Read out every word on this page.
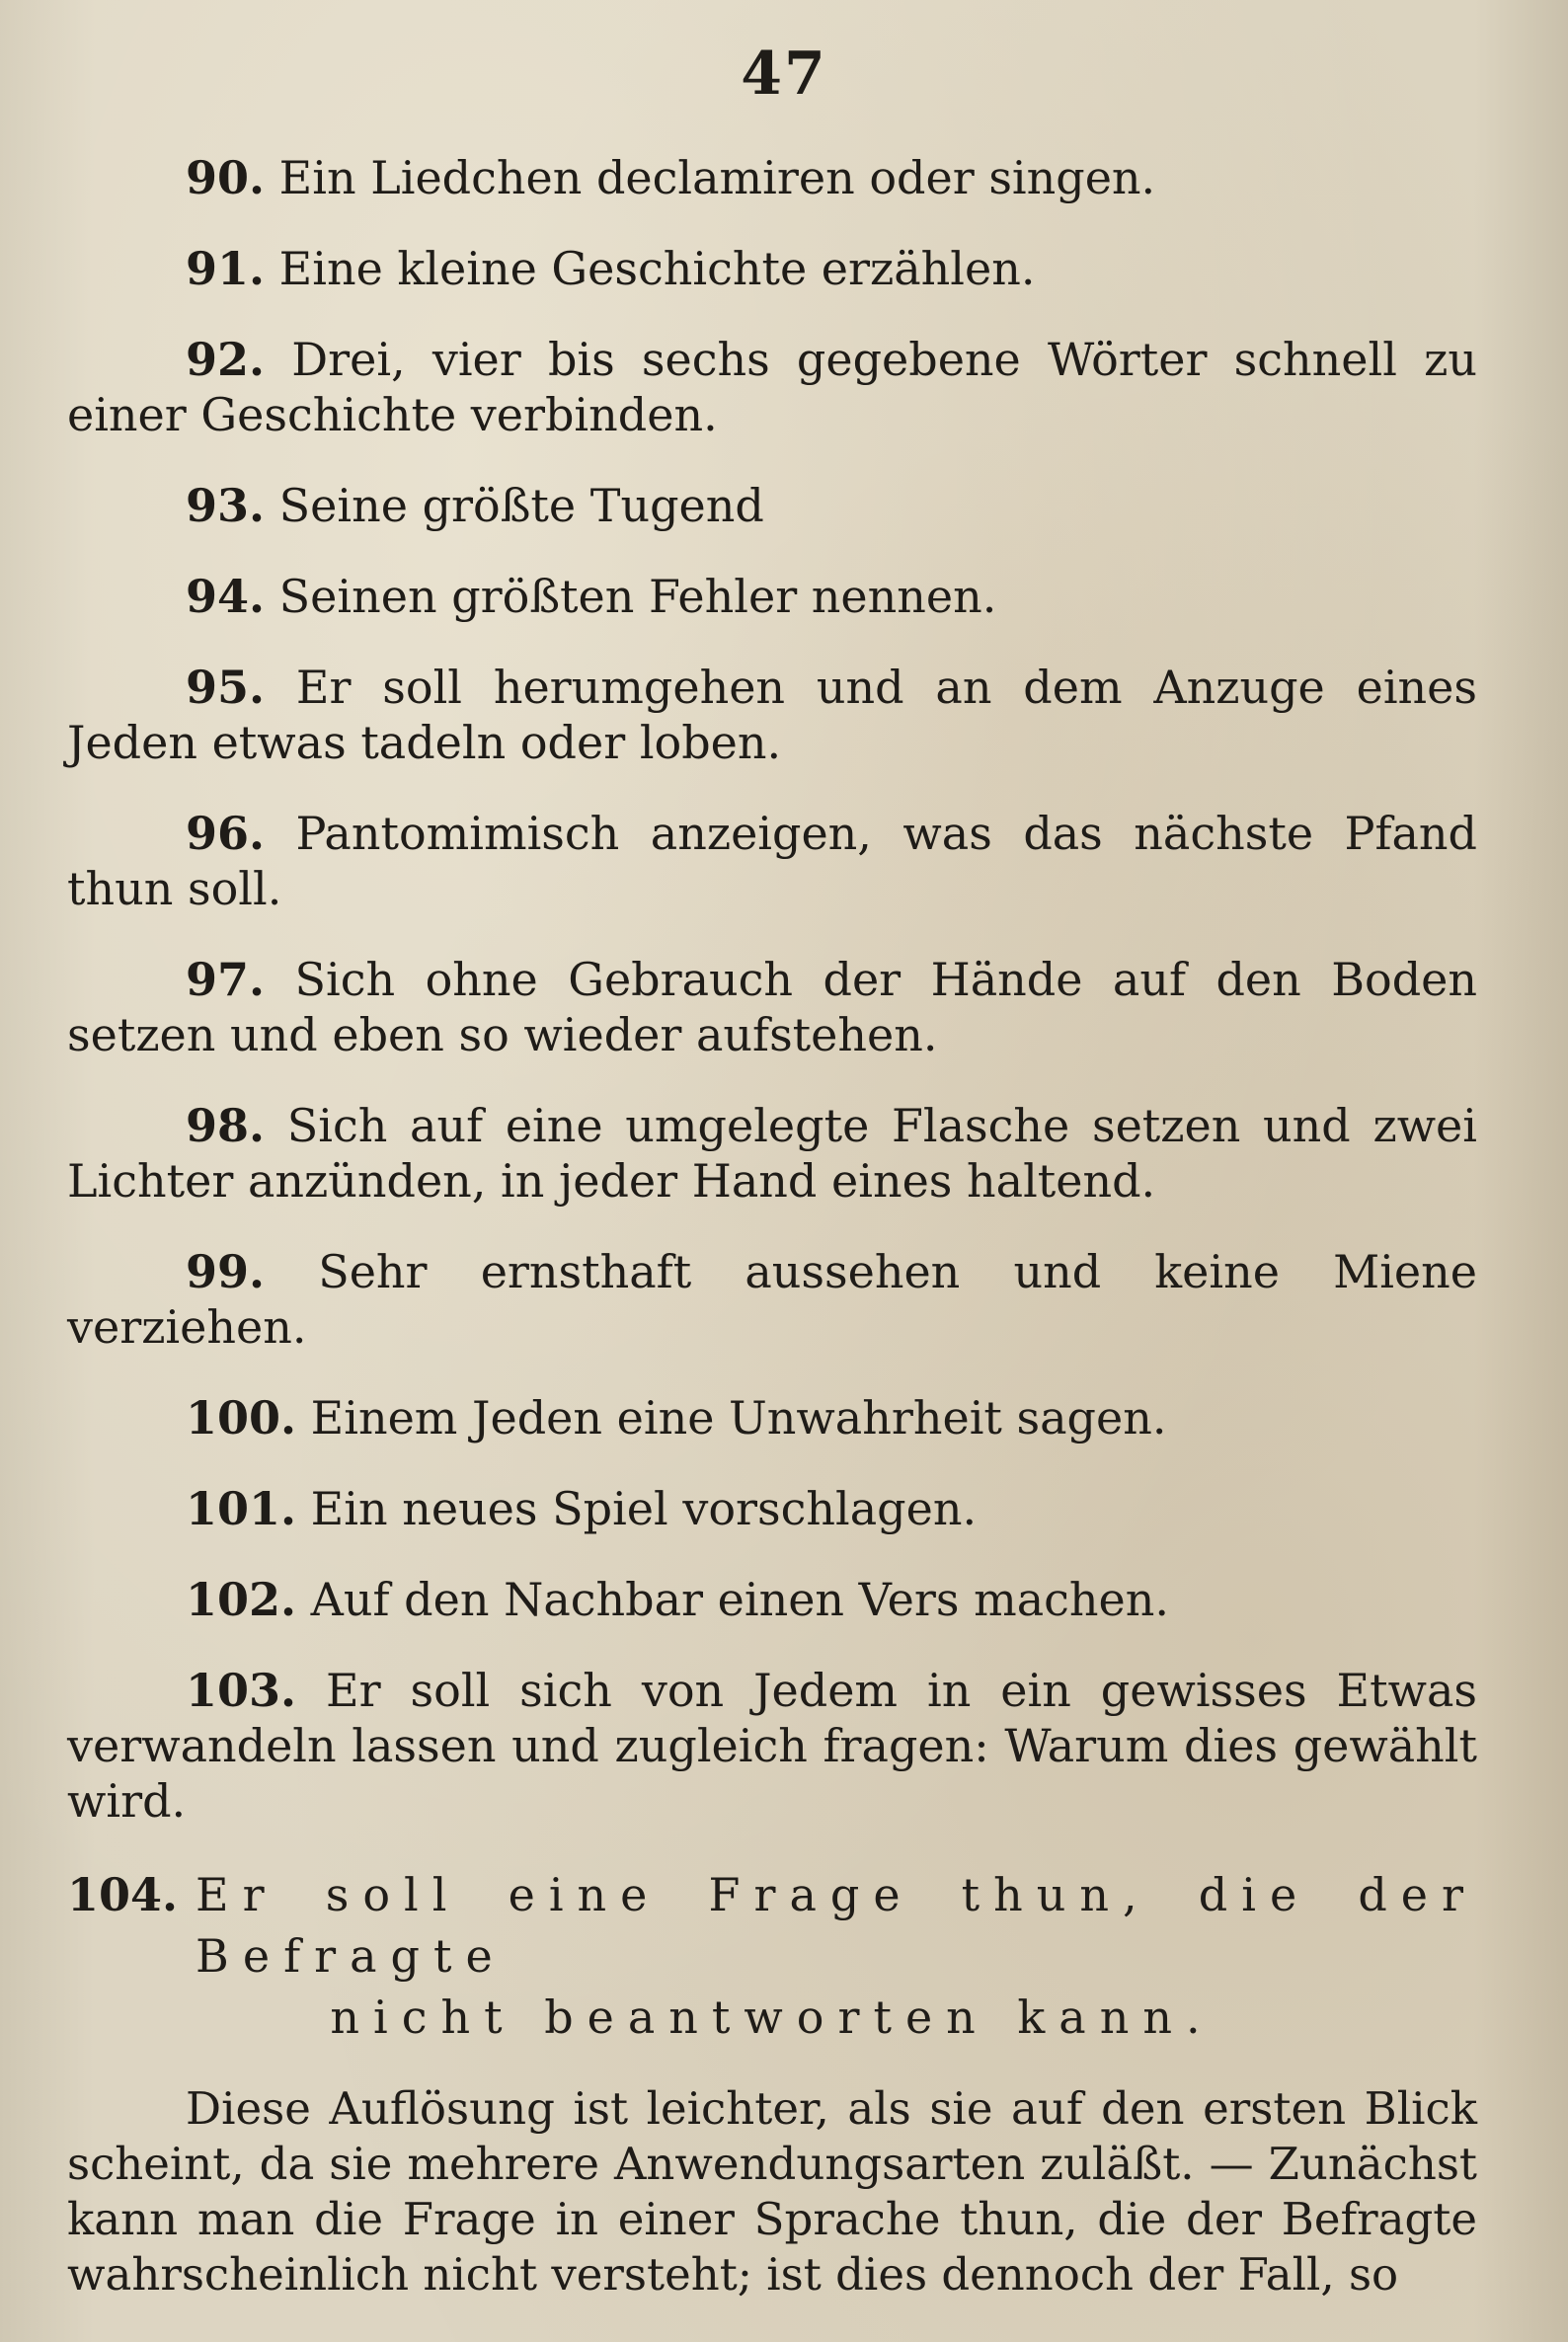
47

90. Ein Liedchen declamiren oder singen.

91. Eine kleine Geschichte erzählen.

92. Drei, vier bis sechs gegebene Wörter schnell zu einer Geschichte verbinden.

93. Seine größte Tugend

94. Seinen größten Fehler nennen.

95. Er soll herumgehen und an dem Anzuge eines Jeden etwas tadeln oder loben.

96. Pantomimisch anzeigen, was das nächste Pfand thun soll.

97. Sich ohne Gebrauch der Hände auf den Boden setzen und eben so wieder aufstehen.

98. Sich auf eine umgelegte Flasche setzen und zwei Lichter anzünden, in jeder Hand eines haltend.

99. Sehr ernsthaft aussehen und keine Miene verziehen.

100. Einem Jeden eine Unwahrheit sagen.

101. Ein neues Spiel vorschlagen.

102. Auf den Nachbar einen Vers machen.

103. Er soll sich von Jedem in ein gewisses Etwas verwandeln lassen und zugleich fragen: Warum dies gewählt wird.

104. Er soll eine Frage thun, die der Befragte
nicht beantworten kann.

Diese Auflösung ist leichter, als sie auf den ersten Blick scheint, da sie mehrere Anwendungsarten zuläßt. — Zunächst kann man die Frage in einer Sprache thun, die der Befragte wahrscheinlich nicht versteht; ist dies dennoch der Fall, so
